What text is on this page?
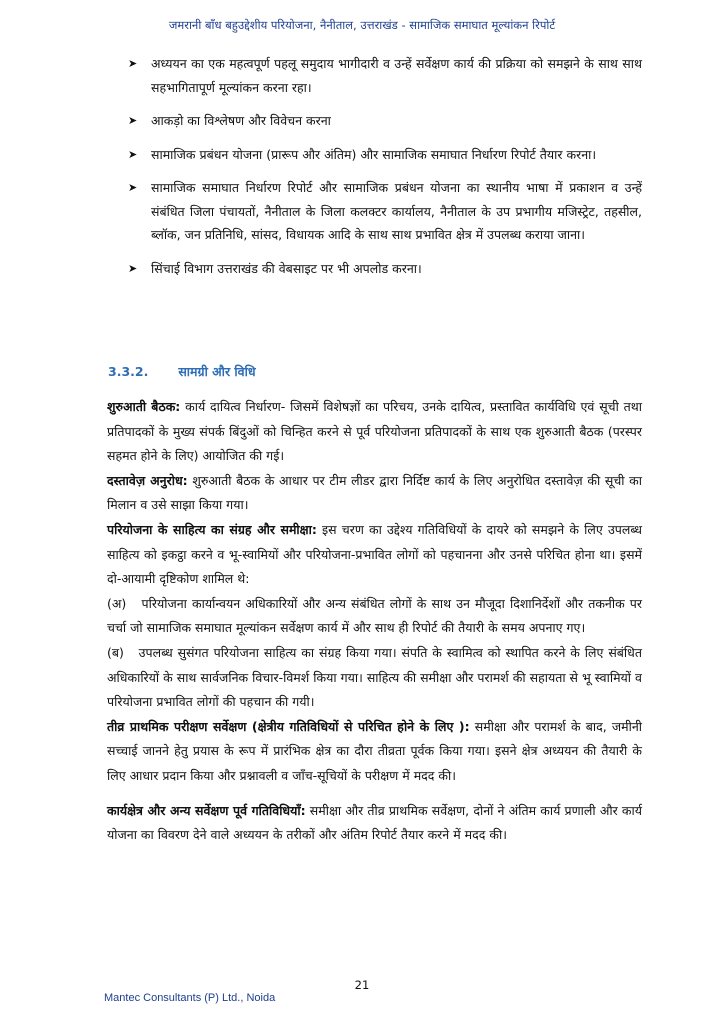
जमरानी बाँध बहुउद्देशीय परियोजना, नैनीताल, उत्तराखंड - सामाजिक समाघात मूल्यांकन रिपोर्ट
➤ अध्ययन का एक महत्वपूर्ण पहलू समुदाय भागीदारी व उन्हें सर्वेक्षण कार्य की प्रक्रिया को समझने के साथ साथ सहभागितापूर्ण मूल्यांकन करना रहा।
➤ आकड़ो का विश्लेषण और विवेचन करना
➤ सामाजिक प्रबंधन योजना (प्रारूप और अंतिम) और सामाजिक समाघात निर्धारण रिपोर्ट तैयार करना।
➤ सामाजिक समाघात निर्धारण रिपोर्ट और सामाजिक प्रबंधन योजना का स्थानीय भाषा में प्रकाशन व उन्हें संबंधित जिला पंचायतों, नैनीताल के जिला कलक्टर कार्यालय, नैनीताल के उप प्रभागीय मजिस्ट्रेट, तहसील, ब्लॉक, जन प्रतिनिधि, सांसद, विधायक आदि के साथ साथ प्रभावित क्षेत्र में उपलब्ध कराया जाना।
➤ सिंचाई विभाग उत्तराखंड की वेबसाइट पर भी अपलोड करना।
3.3.2. सामग्री और विधि

शुरुआती बैठक: कार्य दायित्व निर्धारण- जिसमें विशेषज्ञों का परिचय, उनके दायित्व, प्रस्तावित कार्यविधि एवं सूची तथा प्रतिपादकों के मुख्य संपर्क बिंदुओं को चिन्हित करने से पूर्व परियोजना प्रतिपादकों के साथ एक शुरुआती बैठक (परस्पर सहमत होने के लिए) आयोजित की गई।

दस्तावेज़ अनुरोध: शुरुआती बैठक के आधार पर टीम लीडर द्वारा निर्दिष्ट कार्य के लिए अनुरोधित दस्तावेज़ की सूची का मिलान व उसे साझा किया गया।

परियोजना के साहित्य का संग्रह और समीक्षा: इस चरण का उद्देश्य गतिविधियों के दायरे को समझने के लिए उपलब्ध साहित्य को इकट्ठा करने व भू-स्वामियों और परियोजना-प्रभावित लोगों को पहचानना और उनसे परिचित होना था। इसमें दो-आयामी दृष्टिकोण शामिल थे:

(अ) परियोजना कार्यान्वयन अधिकारियों और अन्य संबंधित लोगों के साथ उन मौजूदा दिशानिर्देशों और तकनीक पर चर्चा जो सामाजिक समाघात मूल्यांकन सर्वेक्षण कार्य में और साथ ही रिपोर्ट की तैयारी के समय अपनाए गए।

(ब) उपलब्ध सुसंगत परियोजना साहित्य का संग्रह किया गया। संपति के स्वामित्व को स्थापित करने के लिए संबंधित अधिकारियों के साथ सार्वजनिक विचार-विमर्श किया गया। साहित्य की समीक्षा और परामर्श की सहायता से भू स्वामियों व परियोजना प्रभावित लोगों की पहचान की गयी।

तीव्र प्राथमिक परीक्षण सर्वेक्षण (क्षेत्रीय गतिविधियों से परिचित होने के लिए ): समीक्षा और परामर्श के बाद, जमीनी सच्चाई जानने हेतु प्रयास के रूप में प्रारंभिक क्षेत्र का दौरा तीव्रता पूर्वक किया गया। इसने क्षेत्र अध्ययन की तैयारी के लिए आधार प्रदान किया और प्रश्नावली व जाँच-सूचियों के परीक्षण में मदद की।

कार्यक्षेत्र और अन्य सर्वेक्षण पूर्व गतिविधियाँ: समीक्षा और तीव्र प्राथमिक सर्वेक्षण, दोनों ने अंतिम कार्य प्रणाली और कार्य योजना का विवरण देने वाले अध्ययन के तरीकों और अंतिम रिपोर्ट तैयार करने में मदद की।

21
Mantec Consultants (P) Ltd., Noida
